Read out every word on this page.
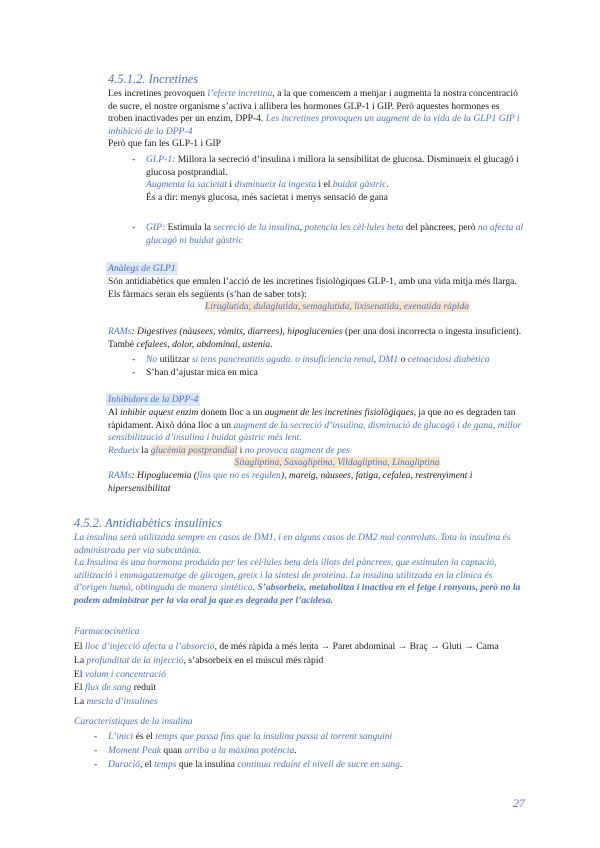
4.5.1.2. Incretines

Les incretines provoquen l’efecte incretina, a la que comencem a menjar i augmenta la nostra concentració de sucre, el nostre organisme s’activa i allibera les hormones GLP-1 i GIP. Però aquestes hormones es troben inactivades per un enzim, DPP-4. Les incretines provoquen un augment de la vida de la GLP1 GIP i inhibició de la DPP-4

Però que fan les GLP-1 i GIP

- GLP-1: Millora la secreció d’insulina i millora la sensibilitat de glucosa. Disminueix el glucagó i glucosa postprandial.
Augmenta la sacietat i disminueix la ingesta i el buidat gàstric.
És a dir: menys glucosa, més sacietat i menys sensació de gana
- GIP: Estimula la secreció de la insulina, potencia les cèl·lules beta del pàncrees, però no afecta al glucagó ni buidat gàstric
Anàlegs de GLP1

Són antidiabètics que emulen l’acció de les incretines fisiològiques GLP-1, amb una vida mitja més llarga. Els fàrmacs seran els següents (s’han de saber tots):

Liraglutida, dulaglutida, semaglutida, lixisenatida, exenatida ràpida

RAMs: Digestives (nàusees, vòmits, diarrees), hipoglucemies (per una dosi incorrecta o ingesta insuficient). També cefalees, dolor, abdominal, astenia.

- No utilitzar si tens pancreatitis aguda. o insuficiencia renal, DM1 o cetoacidosi diabètica
- S’han d’ajustar mica en mica
Inhibidors de la DPP-4

Al inhibir aquest enzim donem lloc a un augment de les incretines fisiològiques, ja que no es degraden tan ràpidament. Això dóna lloc a un augment de la secreció d’insulina, disminució de glucagó i de gana, millor sensibilització d’insulina i buidat gàstric més lent.

Redueix la glucèmia postprandial i no provoca augment de pes

Sitagliptina, Saxagliptina, Vildagliptina, Linagliptina

RAMs: Hipoglucemia (fins que no es regulen), mareig, nàusees, fatiga, cefalea, restrenyiment i hipersensibilitat

4.5.2. Antidiabètics insulínics

La insulina serà utilitzada sempre en casos de DM1, i en alguns casos de DM2 mal controlats. Tota la insulina és administrada per via subcutània.

La Insulina és una hormona produïda per les cèl·lules beta dels illots del pàncrees, que estimulen la captació, utilització i emmagatzematge de glicogen, greix i la síntesi de proteïna. La insulina utilitzada en la clínica és d’origen humà, obtinguda de manera sintètica. S’absorbeix, metabolitza i inactiva en el fetge i ronyons, però no la podem administrar per la via oral ja que es degrada per l’acidesa.

Farmacocinètica

El lloc d’injecció afecta a l’absorció, de més ràpida a més lenta → Paret abdominal → Braç → Gluti → Cama

La profunditat de la injecció, s’absorbeix en el múscul més ràpid

El volum i concentració

El flux de sang reduït

La mescla d’insulines

Característiques de la insulina
- L’inici és el temps que passa fins que la insulina passa al torrent sanguini
- Moment Peak quan arriba a la màxima potència.
- Duració, el temps que la insulina continua reduint el nivell de sucre en sang.
27
